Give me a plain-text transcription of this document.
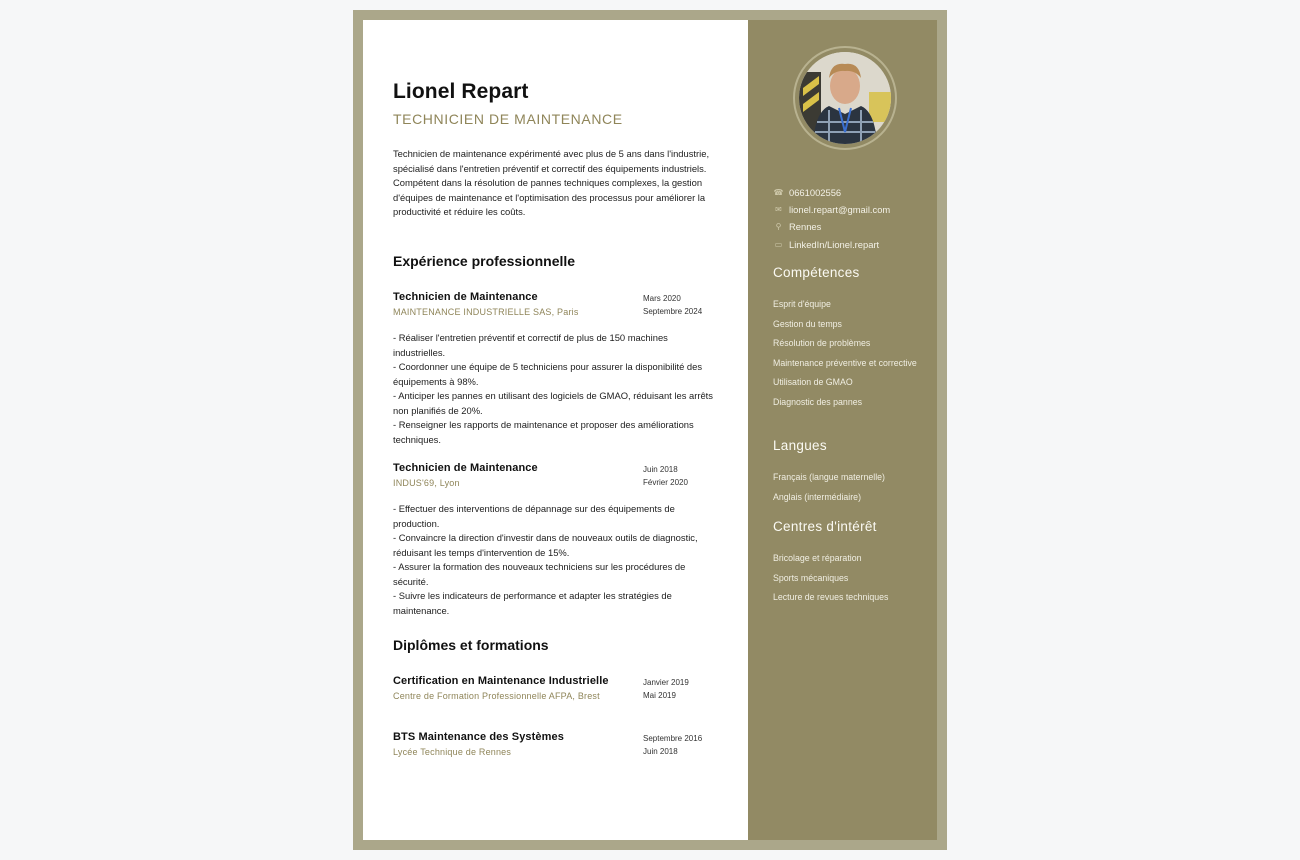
Lionel Repart
TECHNICIEN DE MAINTENANCE
Technicien de maintenance expérimenté avec plus de 5 ans dans l'industrie, spécialisé dans l'entretien préventif et correctif des équipements industriels. Compétent dans la résolution de pannes techniques complexes, la gestion d'équipes de maintenance et l'optimisation des processus pour améliorer la productivité et réduire les coûts.
Expérience professionnelle
Technicien de Maintenance
MAINTENANCE INDUSTRIELLE SAS, Paris
Mars 2020
Septembre 2024
- Réaliser l'entretien préventif et correctif de plus de 150 machines industrielles.
- Coordonner une équipe de 5 techniciens pour assurer la disponibilité des équipements à 98%.
- Anticiper les pannes en utilisant des logiciels de GMAO, réduisant les arrêts non planifiés de 20%.
- Renseigner les rapports de maintenance et proposer des améliorations techniques.
Technicien de Maintenance
INDUS'69, Lyon
Juin 2018
Février 2020
- Effectuer des interventions de dépannage sur des équipements de production.
- Convaincre la direction d'investir dans de nouveaux outils de diagnostic, réduisant les temps d'intervention de 15%.
- Assurer la formation des nouveaux techniciens sur les procédures de sécurité.
- Suivre les indicateurs de performance et adapter les stratégies de maintenance.
Diplômes et formations
Certification en Maintenance Industrielle
Centre de Formation Professionnelle AFPA, Brest
Janvier 2019
Mai 2019
BTS Maintenance des Systèmes
Lycée Technique de Rennes
Septembre 2016
Juin 2018
☎ 0661002556
✉ lionel.repart@gmail.com
⚲ Rennes
▭ LinkedIn/Lionel.repart
Compétences
Esprit d'équipe
Gestion du temps
Résolution de problèmes
Maintenance préventive et corrective
Utilisation de GMAO
Diagnostic des pannes
Langues
Français (langue maternelle)
Anglais (intermédiaire)
Centres d'intérêt
Bricolage et réparation
Sports mécaniques
Lecture de revues techniques
